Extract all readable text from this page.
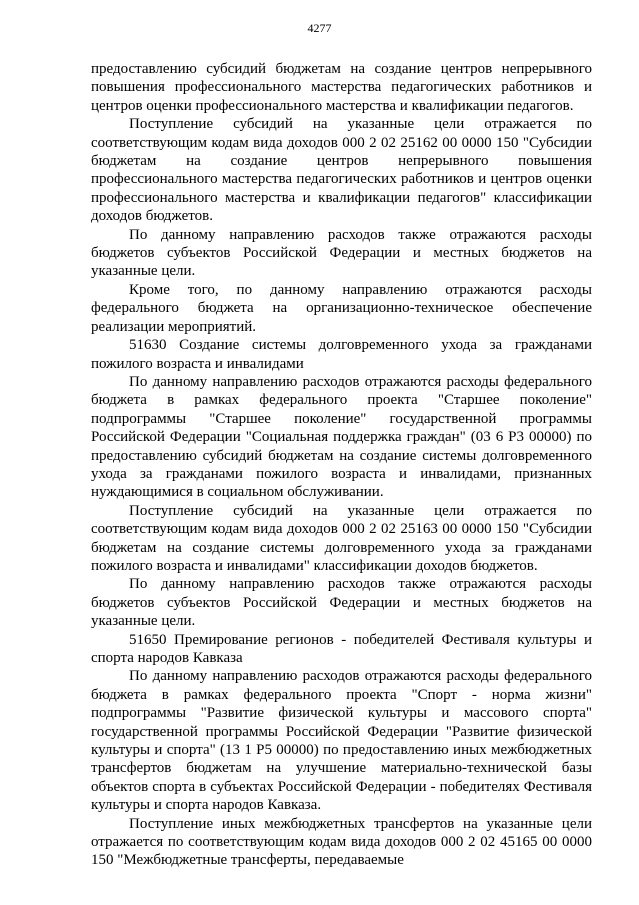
4277

предоставлению субсидий бюджетам на создание центров непрерывного повышения профессионального мастерства педагогических работников и центров оценки профессионального мастерства и квалификации педагогов.

Поступление субсидий на указанные цели отражается по соответствующим кодам вида доходов 000 2 02 25162 00 0000 150 "Субсидии бюджетам на создание центров непрерывного повышения профессионального мастерства педагогических работников и центров оценки профессионального мастерства и квалификации педагогов" классификации доходов бюджетов.

По данному направлению расходов также отражаются расходы бюджетов субъектов Российской Федерации и местных бюджетов на указанные цели.

Кроме того, по данному направлению отражаются расходы федерального бюджета на организационно-техническое обеспечение реализации мероприятий.

51630 Создание системы долговременного ухода за гражданами пожилого возраста и инвалидами

По данному направлению расходов отражаются расходы федерального бюджета в рамках федерального проекта "Старшее поколение" подпрограммы "Старшее поколение" государственной программы Российской Федерации "Социальная поддержка граждан" (03 6 P3 00000) по предоставлению субсидий бюджетам на создание системы долговременного ухода за гражданами пожилого возраста и инвалидами, признанных нуждающимися в социальном обслуживании.

Поступление субсидий на указанные цели отражается по соответствующим кодам вида доходов 000 2 02 25163 00 0000 150 "Субсидии бюджетам на создание системы долговременного ухода за гражданами пожилого возраста и инвалидами" классификации доходов бюджетов.

По данному направлению расходов также отражаются расходы бюджетов субъектов Российской Федерации и местных бюджетов на указанные цели.

51650 Премирование регионов - победителей Фестиваля культуры и спорта народов Кавказа

По данному направлению расходов отражаются расходы федерального бюджета в рамках федерального проекта "Спорт - норма жизни" подпрограммы "Развитие физической культуры и массового спорта" государственной программы Российской Федерации "Развитие физической культуры и спорта" (13 1 P5 00000) по предоставлению иных межбюджетных трансфертов бюджетам на улучшение материально-технической базы объектов спорта в субъектах Российской Федерации - победителях Фестиваля культуры и спорта народов Кавказа.

Поступление иных межбюджетных трансфертов на указанные цели отражается по соответствующим кодам вида доходов 000 2 02 45165 00 0000 150 "Межбюджетные трансферты, передаваемые
